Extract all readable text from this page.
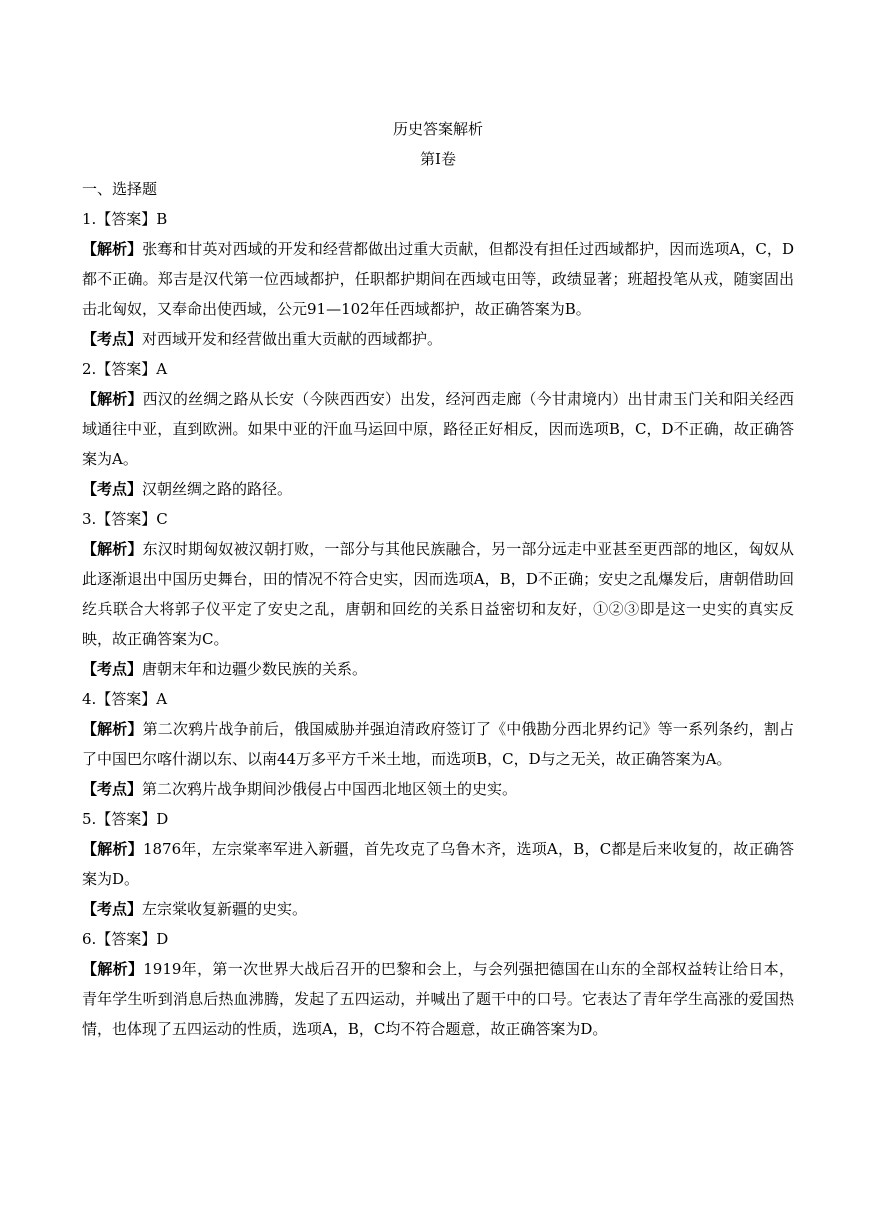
历史答案解析
第Ⅰ卷

一、选择题

1.【答案】B

【解析】张骞和甘英对西域的开发和经营都做出过重大贡献，但都没有担任过西域都护，因而选项A，C，D都不正确。郑吉是汉代第一位西域都护，任职都护期间在西域屯田等，政绩显著；班超投笔从戎，随窦固出击北匈奴，又奉命出使西域，公元91—102年任西域都护，故正确答案为B。

【考点】对西域开发和经营做出重大贡献的西域都护。

2.【答案】A

【解析】西汉的丝绸之路从长安（今陕西西安）出发，经河西走廊（今甘肃境内）出甘肃玉门关和阳关经西域通往中亚，直到欧洲。如果中亚的汗血马运回中原，路径正好相反，因而选项B，C，D不正确，故正确答案为A。

【考点】汉朝丝绸之路的路径。

3.【答案】C

【解析】东汉时期匈奴被汉朝打败，一部分与其他民族融合，另一部分远走中亚甚至更西部的地区，匈奴从此逐渐退出中国历史舞台，田的情况不符合史实，因而选项A，B，D不正确；安史之乱爆发后，唐朝借助回纥兵联合大将郭子仪平定了安史之乱，唐朝和回纥的关系日益密切和友好，①②③即是这一史实的真实反映，故正确答案为C。

【考点】唐朝末年和边疆少数民族的关系。

4.【答案】A

【解析】第二次鸦片战争前后，俄国威胁并强迫清政府签订了《中俄勘分西北界约记》等一系列条约，割占了中国巴尔喀什湖以东、以南44万多平方千米土地，而选项B，C，D与之无关，故正确答案为A。

【考点】第二次鸦片战争期间沙俄侵占中国西北地区领土的史实。

5.【答案】D

【解析】1876年，左宗棠率军进入新疆，首先攻克了乌鲁木齐，选项A，B，C都是后来收复的，故正确答案为D。

【考点】左宗棠收复新疆的史实。

6.【答案】D

【解析】1919年，第一次世界大战后召开的巴黎和会上，与会列强把德国在山东的全部权益转让给日本，青年学生听到消息后热血沸腾，发起了五四运动，并喊出了题干中的口号。它表达了青年学生高涨的爱国热情，也体现了五四运动的性质，选项A，B，C均不符合题意，故正确答案为D。
